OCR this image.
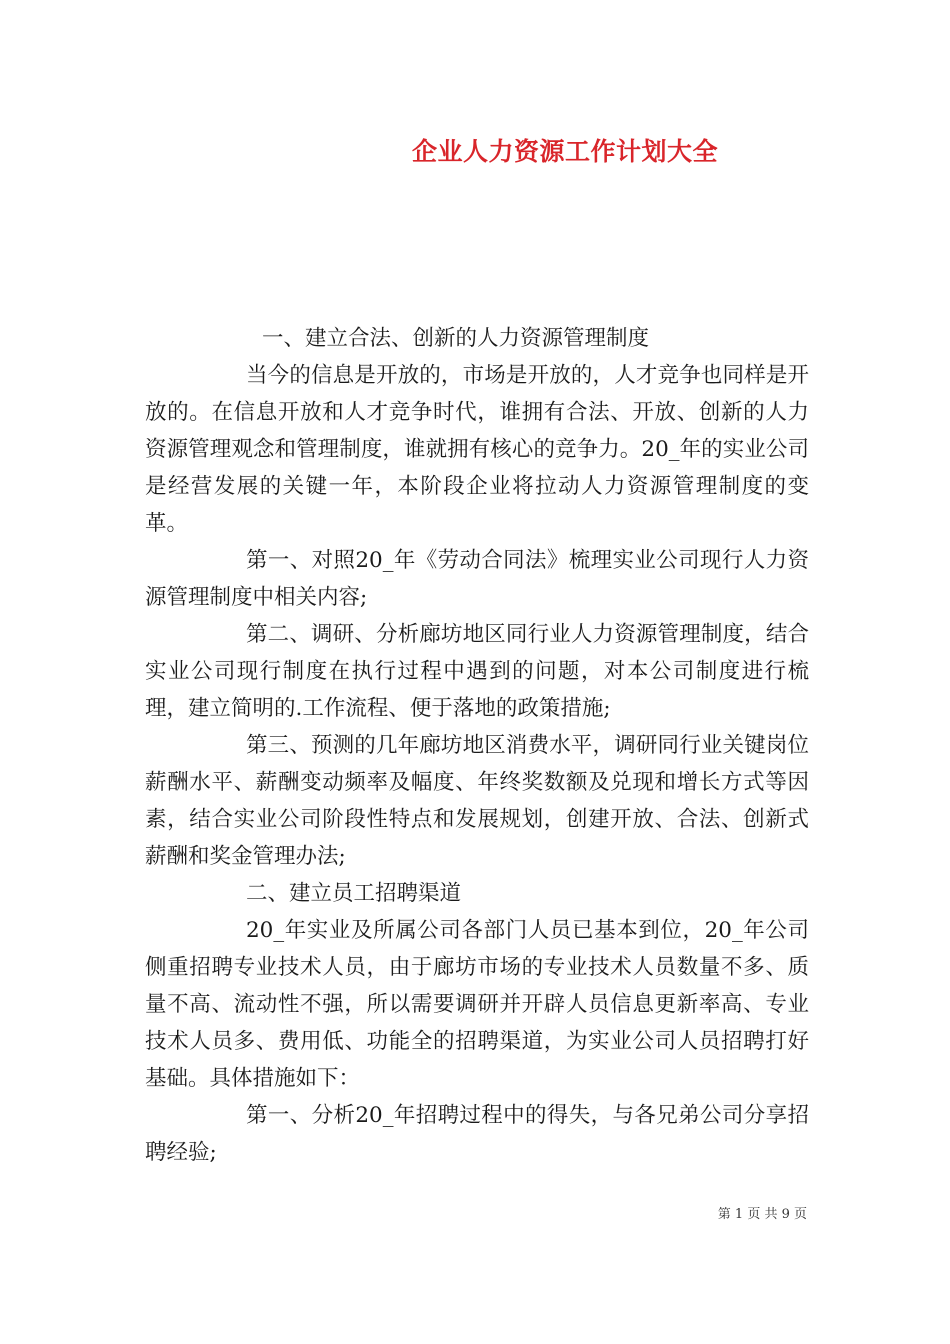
企业人力资源工作计划大全

一、建立合法、创新的人力资源管理制度

当今的信息是开放的，市场是开放的，人才竞争也同样是开放的。在信息开放和人才竞争时代，谁拥有合法、开放、创新的人力资源管理观念和管理制度，谁就拥有核心的竞争力。20_年的实业公司是经营发展的关键一年，本阶段企业将拉动人力资源管理制度的变革。

第一、对照20_年《劳动合同法》梳理实业公司现行人力资源管理制度中相关内容;

第二、调研、分析廊坊地区同行业人力资源管理制度，结合实业公司现行制度在执行过程中遇到的问题，对本公司制度进行梳理，建立简明的.工作流程、便于落地的政策措施;

第三、预测的几年廊坊地区消费水平，调研同行业关键岗位薪酬水平、薪酬变动频率及幅度、年终奖数额及兑现和增长方式等因素，结合实业公司阶段性特点和发展规划，创建开放、合法、创新式薪酬和奖金管理办法;

二、建立员工招聘渠道

20_年实业及所属公司各部门人员已基本到位，20_年公司侧重招聘专业技术人员，由于廊坊市场的专业技术人员数量不多、质量不高、流动性不强，所以需要调研并开辟人员信息更新率高、专业技术人员多、费用低、功能全的招聘渠道，为实业公司人员招聘打好基础。具体措施如下：

第一、分析20_年招聘过程中的得失，与各兄弟公司分享招聘经验;

第 1 页 共 9 页
